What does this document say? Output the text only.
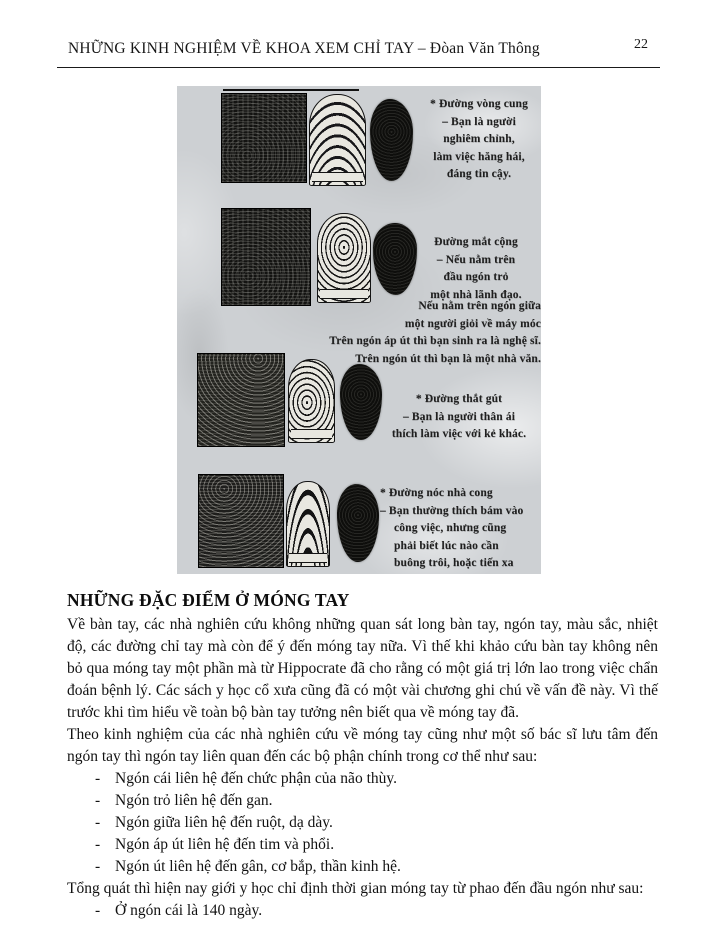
NHỮNG KINH NGHIỆM VỀ KHOA XEM CHỈ TAY – Đòan Văn Thông	22
* Đường vòng cung
– Bạn là người
nghiêm chỉnh,
làm việc hăng hái,
đáng tin cậy.
Đường mắt cộng
– Nếu nằm trên
đầu ngón trỏ
một nhà lãnh đạo.
Nếu nằm trên ngón giữa
một người giỏi về máy móc
Trên ngón áp út thì bạn sinh ra là nghệ sĩ.
Trên ngón út thì bạn là một nhà văn.
* Đường thắt gút
– Bạn là người thân ái
thích làm việc với kẻ khác.
* Đường nóc nhà cong
– Bạn thường thích bám vào
công việc, nhưng cũng
phải biết lúc nào cần
buông trôi, hoặc tiến xa
NHỮNG ĐẶC ĐIỂM Ở MÓNG TAY

Về bàn tay, các nhà nghiên cứu không những quan sát long bàn tay, ngón tay, màu sắc, nhiệt độ, các đường chỉ tay mà còn để ý đến móng tay nữa. Vì thế khi khảo cứu bàn tay không nên bỏ qua móng tay một phần mà từ Hippocrate đã cho rằng có một giá trị lớn lao trong việc chẩn đoán bệnh lý. Các sách y học cổ xưa cũng đã có một vài chương ghi chú về vấn đề này. Vì thế trước khi tìm hiểu về toàn bộ bàn tay tưởng nên biết qua về móng tay đã.

Theo kinh nghiệm của các nhà nghiên cứu về móng tay cũng như một số bác sĩ lưu tâm đến ngón tay thì ngón tay liên quan đến các bộ phận chính trong cơ thể như sau:

- Ngón cái liên hệ đến chức phận của não thùy.
- Ngón trỏ liên hệ đến gan.
- Ngón giữa liên hệ đến ruột, dạ dày.
- Ngón áp út liên hệ đến tim và phổi.
- Ngón út liên hệ đến gân, cơ bắp, thần kinh hệ.

Tổng quát thì hiện nay giới y học chỉ định thời gian móng tay từ phao đến đầu ngón như sau:

- Ở ngón cái là 140 ngày.
